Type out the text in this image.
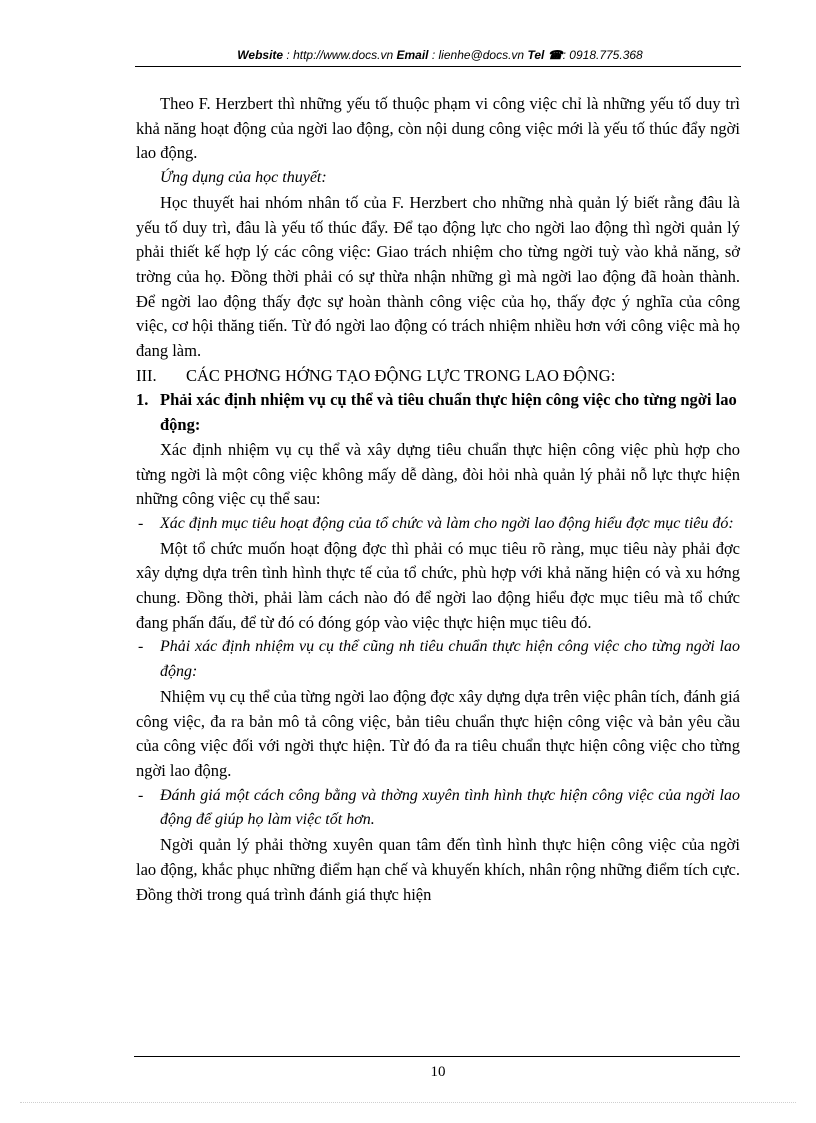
Website : http://www.docs.vn Email : lienhe@docs.vn Tel ☎: 0918.775.368

Theo F. Herzbert thì những yếu tố thuộc phạm vi công việc chỉ là những yếu tố duy trì khả năng hoạt động của ngời lao động, còn nội dung công việc mới là yếu tố thúc đẩy ngời lao động.

Ứng dụng của học thuyết:

Học thuyết hai nhóm nhân tố của F. Herzbert cho những nhà quản lý biết rằng đâu là yếu tố duy trì, đâu là yếu tố thúc đẩy. Để tạo động lực cho ngời lao động thì ngời quản lý phải thiết kế hợp lý các công việc: Giao trách nhiệm cho từng ngời tuỳ vào khả năng, sở trờng của họ. Đồng thời phải có sự thừa nhận những gì mà ngời lao động đã hoàn thành. Để ngời lao động thấy đợc sự hoàn thành công việc của họ, thấy đợc ý nghĩa của công việc, cơ hội thăng tiến. Từ đó ngời lao động có trách nhiệm nhiều hơn với công việc mà họ đang làm.

III. CÁC PHƠNG HỚNG TẠO ĐỘNG LỰC TRONG LAO ĐỘNG:

1. Phải xác định nhiệm vụ cụ thể và tiêu chuẩn thực hiện công việc cho từng ngời lao động:

Xác định nhiệm vụ cụ thể và xây dựng tiêu chuẩn thực hiện công việc phù hợp cho từng ngời là một công việc không mấy dễ dàng, đòi hỏi nhà quản lý phải nỗ lực thực hiện những công việc cụ thể sau:

- Xác định mục tiêu hoạt động của tổ chức và làm cho ngời lao động hiểu đợc mục tiêu đó:

Một tổ chức muốn hoạt động đợc thì phải có mục tiêu rõ ràng, mục tiêu này phải đợc xây dựng dựa trên tình hình thực tế của tổ chức, phù hợp với khả năng hiện có và xu hớng chung. Đồng thời, phải làm cách nào đó để ngời lao động hiểu đợc mục tiêu mà tổ chức đang phấn đấu, để từ đó có đóng góp vào việc thực hiện mục tiêu đó.

- Phải xác định nhiệm vụ cụ thể cũng nh tiêu chuẩn thực hiện công việc cho từng ngời lao động:

Nhiệm vụ cụ thể của từng ngời lao động đợc xây dựng dựa trên việc phân tích, đánh giá công việc, đa ra bản mô tả công việc, bản tiêu chuẩn thực hiện công việc và bản yêu cầu của công việc đối với ngời thực hiện. Từ đó đa ra tiêu chuẩn thực hiện công việc cho từng ngời lao động.

- Đánh giá một cách công bằng và thờng xuyên tình hình thực hiện công việc của ngời lao động để giúp họ làm việc tốt hơn.

Ngời quản lý phải thờng xuyên quan tâm đến tình hình thực hiện công việc của ngời lao động, khắc phục những điểm hạn chế và khuyến khích, nhân rộng những điểm tích cực. Đồng thời trong quá trình đánh giá thực hiện

10
